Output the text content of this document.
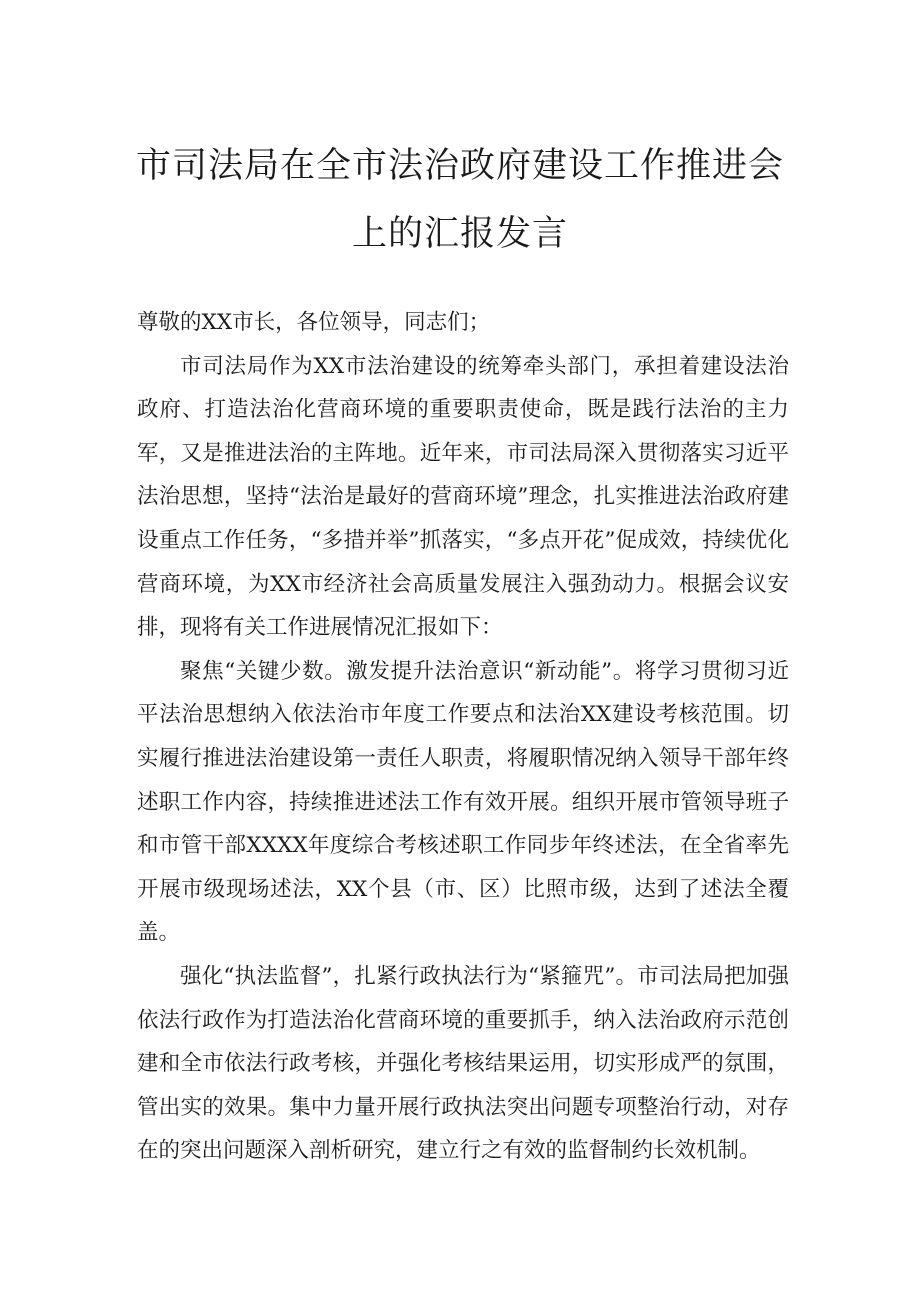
市司法局在全市法治政府建设工作推进会
上的汇报发言

尊敬的XX市长，各位领导，同志们；

市司法局作为XX市法治建设的统筹牵头部门，承担着建设法治政府、打造法治化营商环境的重要职责使命，既是践行法治的主力军，又是推进法治的主阵地。近年来，市司法局深入贯彻落实习近平法治思想，坚持“法治是最好的营商环境”理念，扎实推进法治政府建设重点工作任务，“多措并举”抓落实，“多点开花”促成效，持续优化营商环境，为XX市经济社会高质量发展注入强劲动力。根据会议安排，现将有关工作进展情况汇报如下：

聚焦“关键少数。激发提升法治意识“新动能”。将学习贯彻习近平法治思想纳入依法治市年度工作要点和法治XX建设考核范围。切实履行推进法治建设第一责任人职责，将履职情况纳入领导干部年终述职工作内容，持续推进述法工作有效开展。组织开展市管领导班子和市管干部XXXX年度综合考核述职工作同步年终述法，在全省率先开展市级现场述法，XX个县（市、区）比照市级，达到了述法全覆盖。

强化“执法监督”，扎紧行政执法行为“紧箍咒”。市司法局把加强依法行政作为打造法治化营商环境的重要抓手，纳入法治政府示范创建和全市依法行政考核，并强化考核结果运用，切实形成严的氛围，管出实的效果。集中力量开展行政执法突出问题专项整治行动，对存在的突出问题深入剖析研究，建立行之有效的监督制约长效机制。
